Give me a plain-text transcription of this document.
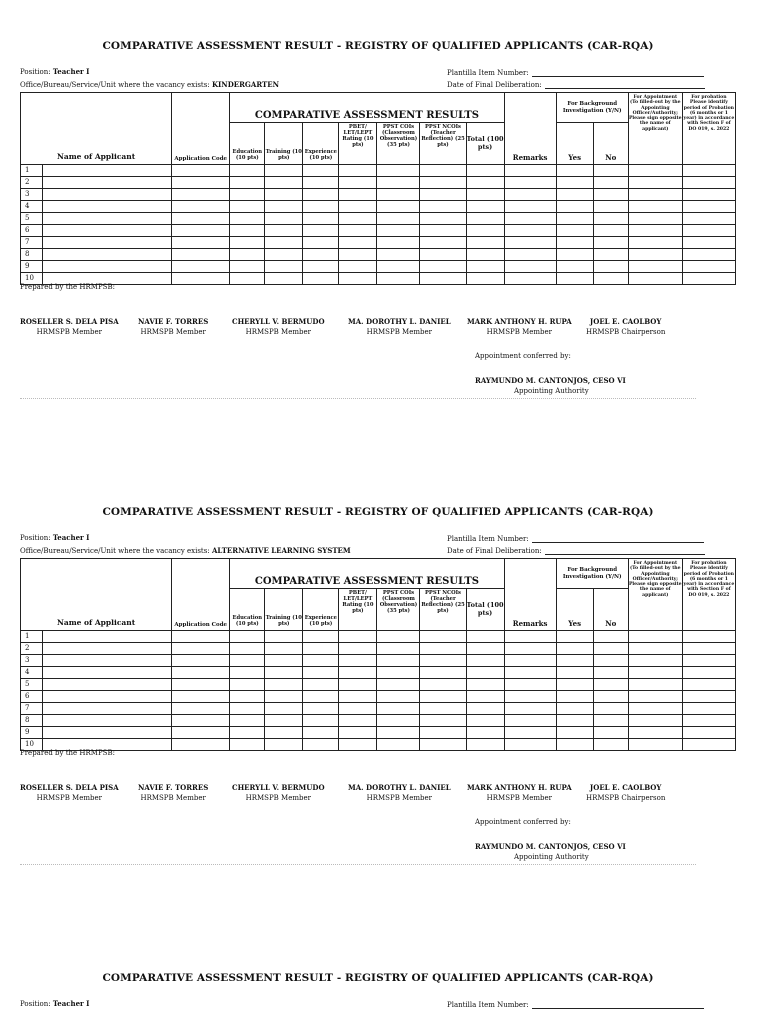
COMPARATIVE ASSESSMENT RESULT - REGISTRY OF QUALIFIED APPLICANTS (CAR-RQA)
Position: Teacher I	Plantilla Item Number:
Office/Bureau/Service/Unit where the vacancy exists: KINDERGARTEN	Date of Final Deliberation:
Name of Applicant		Application Code								Remarks	For Background Investigation (Y/N)		For Appointment (To filled-out by the Appointing Officer/Authority; Please sign opposite the name of applicant)	For probation Please identify period of Probation (6 months or 1 year) in accordance with Section F of DO 019, s. 2022
			COMPARATIVE ASSESSMENT RESULTS											
			Education (10 pts)	Training (10 pts)	Experience (10 pts)	PBET/ LET/LEPT Rating (10 pts)	PPST COIs (Classroom Observation) (35 pts)	PPST NCOIs (Teacher Reflection) (25 pts)	Total (100 pts)		Yes	No		
1														
2														
3														
4														
5														
6														
7														
8														
9														
10														
Prepared by the HRMPSB:
ROSELLER S. DELA PISA
HRMSPB Member
NAVIE F. TORRES
HRMSPB Member
CHERYLL V. BERMUDO
HRMSPB Member
MA. DOROTHY L. DANIEL
HRMSPB Member
MARK ANTHONY H. RUPA
HRMSPB Member
JOEL E. CAOLBOY
HRMSPB Chairperson
Appointment conferred by:
RAYMUNDO M. CANTONJOS, CESO VI
Appointing Authority
COMPARATIVE ASSESSMENT RESULT - REGISTRY OF QUALIFIED APPLICANTS (CAR-RQA)
Position: Teacher I	Plantilla Item Number:
Office/Bureau/Service/Unit where the vacancy exists: ALTERNATIVE LEARNING SYSTEM	Date of Final Deliberation:
Name of Applicant		Application Code								Remarks	For Background Investigation (Y/N)		For Appointment (To filled-out by the Appointing Officer/Authority; Please sign opposite the name of applicant)	For probation Please identify period of Probation (6 months or 1 year) in accordance with Section F of DO 019, s. 2022
			COMPARATIVE ASSESSMENT RESULTS											
			Education (10 pts)	Training (10 pts)	Experience (10 pts)	PBET/ LET/LEPT Rating (10 pts)	PPST COIs (Classroom Observation) (35 pts)	PPST NCOIs (Teacher Reflection) (25 pts)	Total (100 pts)		Yes	No		
1														
2														
3														
4														
5														
6														
7														
8														
9														
10														
Prepared by the HRMPSB:
ROSELLER S. DELA PISA
HRMSPB Member
NAVIE F. TORRES
HRMSPB Member
CHERYLL V. BERMUDO
HRMSPB Member
MA. DOROTHY L. DANIEL
HRMSPB Member
MARK ANTHONY H. RUPA
HRMSPB Member
JOEL E. CAOLBOY
HRMSPB Chairperson
Appointment conferred by:
RAYMUNDO M. CANTONJOS, CESO VI
Appointing Authority
COMPARATIVE ASSESSMENT RESULT - REGISTRY OF QUALIFIED APPLICANTS (CAR-RQA)
Position: Teacher I	Plantilla Item Number:
